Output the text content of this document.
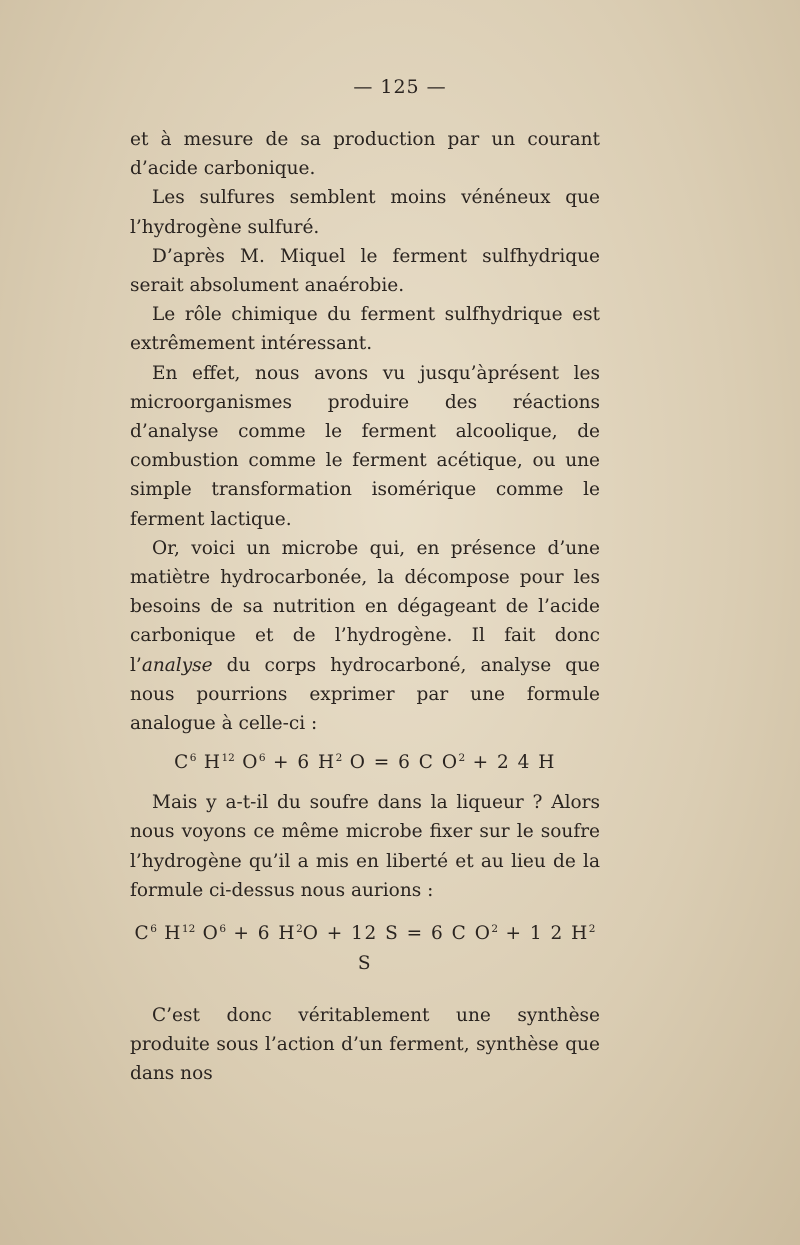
— 125 —

et à mesure de sa production par un courant d’acide carbonique.

Les sulfures semblent moins vénéneux que l’hydrogène sulfuré.

D’après M. Miquel le ferment sulfhydrique serait absolument anaérobie.

Le rôle chimique du ferment sulfhydrique est extrêmement intéressant.

En effet, nous avons vu jusqu’àprésent les microorganismes produire des réactions d’analyse comme le ferment alcoolique, de combustion comme le ferment acétique, ou une simple transformation isomérique comme le ferment lactique.

Or, voici un microbe qui, en présence d’une matiètre hydrocarbonée, la décompose pour les besoins de sa nutrition en dégageant de l’acide carbonique et de l’hydrogène. Il fait donc l’analyse du corps hydrocarboné, analyse que nous pourrions exprimer par une formule analogue à celle-ci :

$C^6$ $H^{12}$ $O^6 + 6$ $H^2$ O = 6 C $O^2 + 2$ 4 H

Mais y a-t-il du soufre dans la liqueur ? Alors nous voyons ce même microbe fixer sur le soufre l’hydrogène qu’il a mis en liberté et au lieu de la formule ci-dessus nous aurions :

$C^6$ $H^{12}$ $O^6 + 6$ $H^2O + 12$ S = 6 C $O^2 + 1$ 2 $H^2$ S

C’est donc véritablement une synthèse produite sous l’action d’un ferment, synthèse que dans nos
